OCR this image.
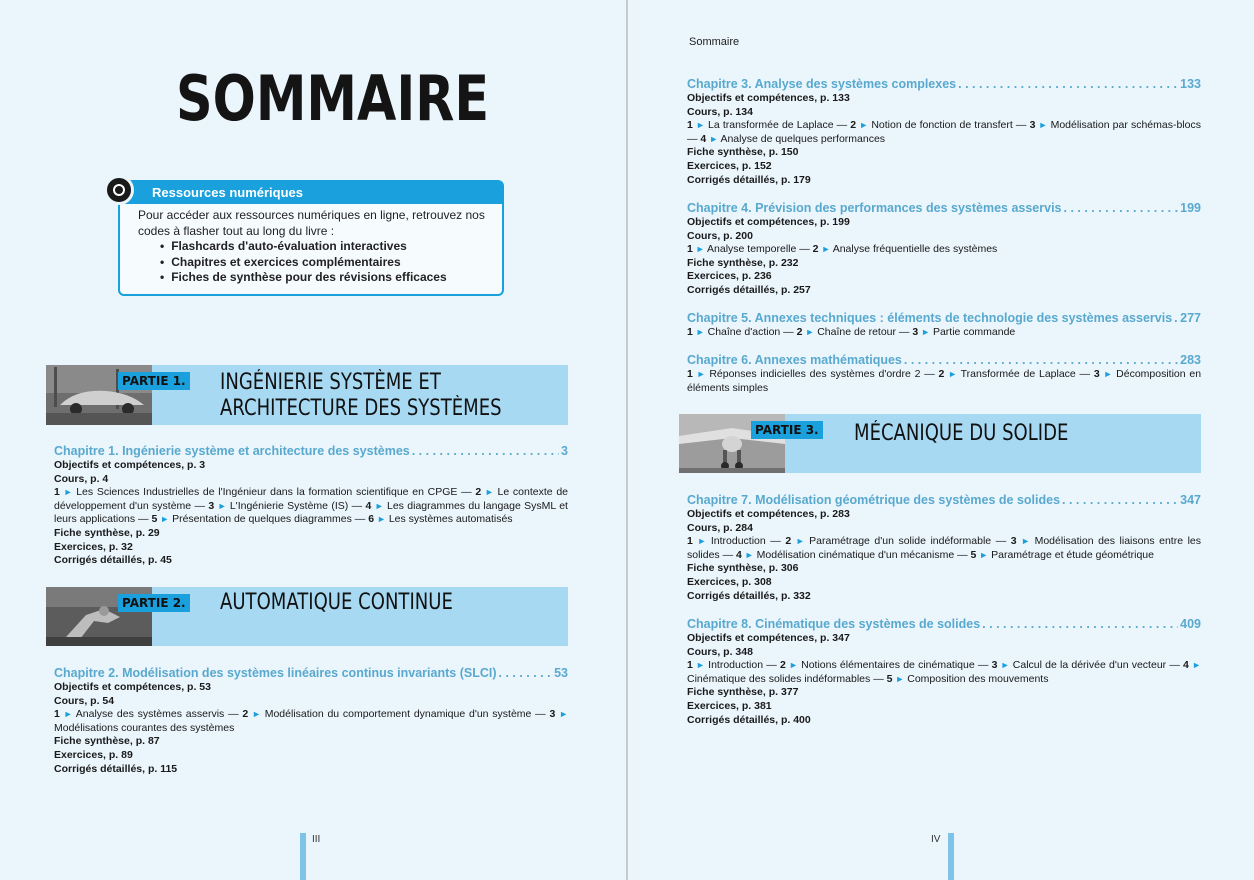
SOMMAIRE
Ressources numériques
Pour accéder aux ressources numériques en ligne, retrouvez nos codes à flasher tout au long du livre :
• Flashcards d'auto-évaluation interactives
• Chapitres et exercices complémentaires
• Fiches de synthèse pour des révisions efficaces
PARTIE 1. INGÉNIERIE SYSTÈME ET
ARCHITECTURE DES SYSTÈMES
Chapitre 1. Ingénierie système et architecture des systèmes . . .	3
Objectifs et compétences, p. 3
Cours, p. 4
1 ► Les Sciences Industrielles de l'Ingénieur dans la formation scientifique en CPGE — 2 ► Le contexte de développement d'un système — 3 ► L'Ingénierie Système (IS) — 4 ► Les diagrammes du langage SysML et leurs applications — 5 ► Présentation de quelques diagrammes — 6 ► Les systèmes automatisés
Fiche synthèse, p. 29
Exercices, p. 32
Corrigés détaillés, p. 45
PARTIE 2. AUTOMATIQUE CONTINUE
Chapitre 2. Modélisation des systèmes linéaires continus invariants (SLCI) . . .	53
Objectifs et compétences, p. 53
Cours, p. 54
1 ► Analyse des systèmes asservis — 2 ► Modélisation du comportement dynamique d'un système — 3 ► Modélisations courantes des systèmes
Fiche synthèse, p. 87
Exercices, p. 89
Corrigés détaillés, p. 115
III
Sommaire
Chapitre 3. Analyse des systèmes complexes . . .	133
Objectifs et compétences, p. 133
Cours, p. 134
1 ► La transformée de Laplace — 2 ► Notion de fonction de transfert — 3 ► Modélisation par schémas-blocs — 4 ► Analyse de quelques performances
Fiche synthèse, p. 150
Exercices, p. 152
Corrigés détaillés, p. 179
Chapitre 4. Prévision des performances des systèmes asservis . . .	199
Objectifs et compétences, p. 199
Cours, p. 200
1 ► Analyse temporelle — 2 ► Analyse fréquentielle des systèmes
Fiche synthèse, p. 232
Exercices, p. 236
Corrigés détaillés, p. 257
Chapitre 5. Annexes techniques : éléments de technologie des systèmes asservis . . . 277
1 ► Chaîne d'action — 2 ► Chaîne de retour — 3 ► Partie commande
Chapitre 6. Annexes mathématiques . . .	283
1 ► Réponses indicielles des systèmes d'ordre 2 — 2 ► Transformée de Laplace — 3 ► Décomposition en éléments simples
PARTIE 3. MÉCANIQUE DU SOLIDE
Chapitre 7. Modélisation géométrique des systèmes de solides . . .	347
Objectifs et compétences, p. 283
Cours, p. 284
1 ► Introduction — 2 ► Paramétrage d'un solide indéformable — 3 ► Modélisation des liaisons entre les solides — 4 ► Modélisation cinématique d'un mécanisme — 5 ► Paramétrage et étude géométrique
Fiche synthèse, p. 306
Exercices, p. 308
Corrigés détaillés, p. 332
Chapitre 8. Cinématique des systèmes de solides . . .	409
Objectifs et compétences, p. 347
Cours, p. 348
1 ► Introduction — 2 ► Notions élémentaires de cinématique — 3 ► Calcul de la dérivée d'un vecteur — 4 ► Cinématique des solides indéformables — 5 ► Composition des mouvements
Fiche synthèse, p. 377
Exercices, p. 381
Corrigés détaillés, p. 400
IV
